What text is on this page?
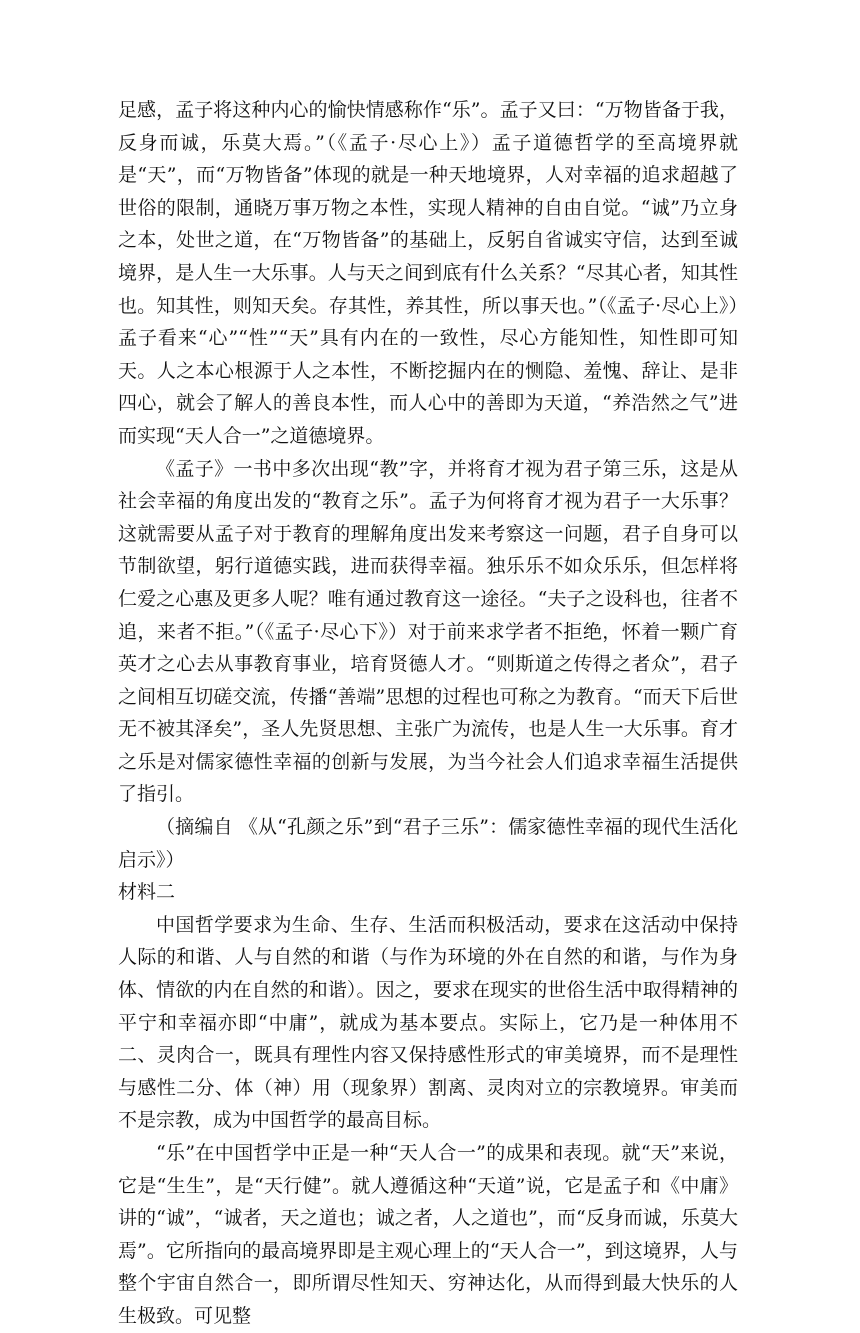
足感，孟子将这种内心的愉快情感称作“乐”。孟子又曰：“万物皆备于我，反身而诚，乐莫大焉。”（《孟子·尽心上》）孟子道德哲学的至高境界就是“天”，而“万物皆备”体现的就是一种天地境界，人对幸福的追求超越了世俗的限制，通晓万事万物之本性，实现人精神的自由自觉。“诚”乃立身之本，处世之道，在“万物皆备”的基础上，反躬自省诚实守信，达到至诚境界，是人生一大乐事。人与天之间到底有什么关系？“尽其心者，知其性也。知其性，则知天矣。存其性，养其性，所以事天也。”（《孟子·尽心上》）孟子看来“心”“性”“天”具有内在的一致性，尽心方能知性，知性即可知天。人之本心根源于人之本性，不断挖掘内在的恻隐、羞愧、辞让、是非四心，就会了解人的善良本性，而人心中的善即为天道，“养浩然之气”进而实现“天人合一”之道德境界。

《孟子》一书中多次出现“教”字，并将育才视为君子第三乐，这是从社会幸福的角度出发的“教育之乐”。孟子为何将育才视为君子一大乐事？这就需要从孟子对于教育的理解角度出发来考察这一问题，君子自身可以节制欲望，躬行道德实践，进而获得幸福。独乐乐不如众乐乐，但怎样将仁爱之心惠及更多人呢？唯有通过教育这一途径。“夫子之设科也，往者不追，来者不拒。”（《孟子·尽心下》）对于前来求学者不拒绝，怀着一颗广育英才之心去从事教育事业，培育贤德人才。“则斯道之传得之者众”，君子之间相互切磋交流，传播“善端”思想的过程也可称之为教育。“而天下后世无不被其泽矣”，圣人先贤思想、主张广为流传，也是人生一大乐事。育才之乐是对儒家德性幸福的创新与发展，为当今社会人们追求幸福生活提供了指引。

（摘编自 《从“孔颜之乐”到“君子三乐”：儒家德性幸福的现代生活化启示》）

材料二

中国哲学要求为生命、生存、生活而积极活动，要求在这活动中保持人际的和谐、人与自然的和谐（与作为环境的外在自然的和谐，与作为身体、情欲的内在自然的和谐）。因之，要求在现实的世俗生活中取得精神的平宁和幸福亦即“中庸”，就成为基本要点。实际上，它乃是一种体用不二、灵肉合一，既具有理性内容又保持感性形式的审美境界，而不是理性与感性二分、体（神）用（现象界）割离、灵肉对立的宗教境界。审美而不是宗教，成为中国哲学的最高目标。

“乐”在中国哲学中正是一种“天人合一”的成果和表现。就“天”来说，它是“生生”，是“天行健”。就人遵循这种“天道”说，它是孟子和《中庸》讲的“诚”，“诚者，天之道也；诚之者，人之道也”，而“反身而诚，乐莫大焉”。它所指向的最高境界即是主观心理上的“天人合一”，到这境界，人与整个宇宙自然合一，即所谓尽性知天、穷神达化，从而得到最大快乐的人生极致。可见整
